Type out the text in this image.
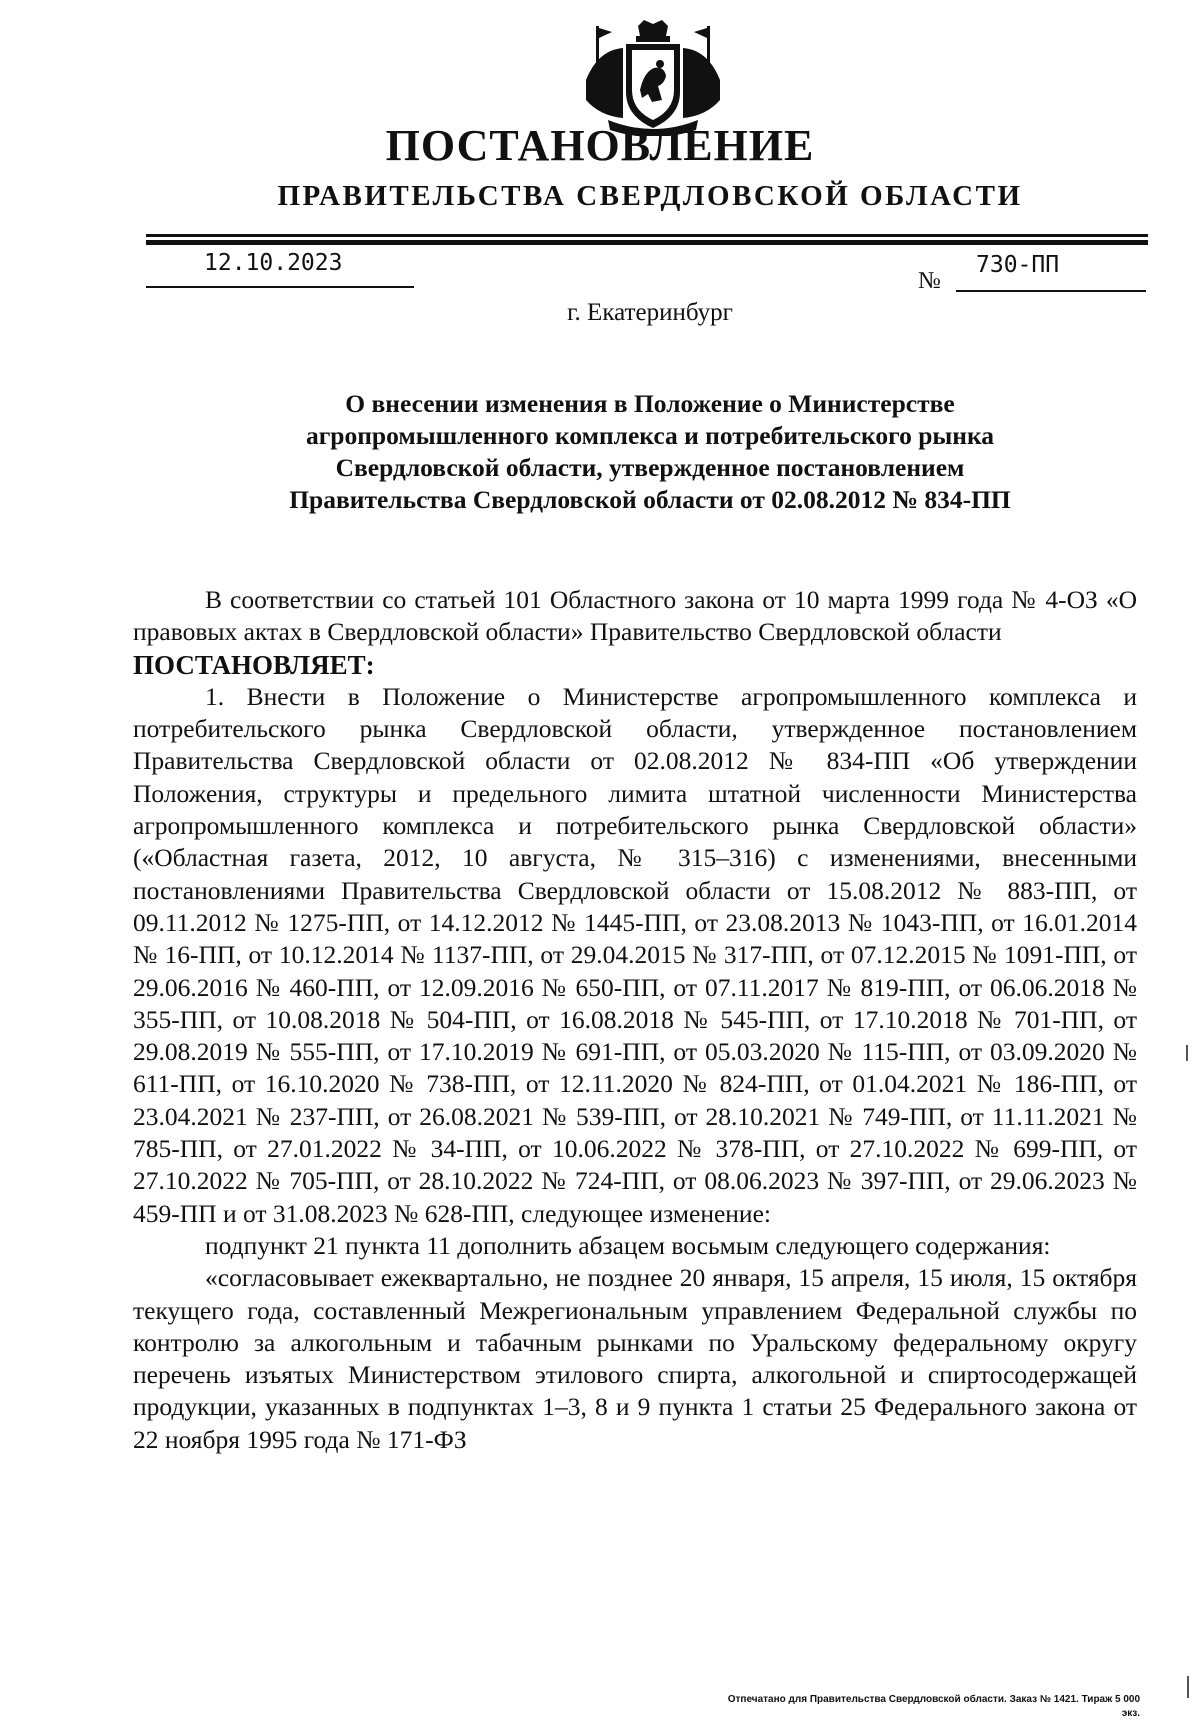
ПОСТАНОВЛЕНИЕ
ПРАВИТЕЛЬСТВА СВЕРДЛОВСКОЙ ОБЛАСТИ
12.10.2023
№
730-ПП
г. Екатеринбург
О внесении изменения в Положение о Министерстве
агропромышленного комплекса и потребительского рынка
Свердловской области, утвержденное постановлением
Правительства Свердловской области от 02.08.2012 № 834-ПП

В соответствии со статьей 101 Областного закона от 10 марта 1999 года № 4-ОЗ «О правовых актах в Свердловской области» Правительство Свердловской области

ПОСТАНОВЛЯЕТ:

1. Внести в Положение о Министерстве агропромышленного комплекса и потребительского рынка Свердловской области, утвержденное постановлением Правительства Свердловской области от 02.08.2012 № 834-ПП «Об утверждении Положения, структуры и предельного лимита штатной численности Министерства агропромышленного комплекса и потребительского рынка Свердловской области» («Областная газета, 2012, 10 августа, № 315–316) с изменениями, внесенными постановлениями Правительства Свердловской области от 15.08.2012 № 883-ПП, от 09.11.2012 № 1275-ПП, от 14.12.2012 № 1445-ПП, от 23.08.2013 № 1043-ПП, от 16.01.2014 № 16-ПП, от 10.12.2014 № 1137-ПП, от 29.04.2015 № 317-ПП, от 07.12.2015 № 1091-ПП, от 29.06.2016 № 460-ПП, от 12.09.2016 № 650-ПП, от 07.11.2017 № 819-ПП, от 06.06.2018 № 355-ПП, от 10.08.2018 № 504-ПП, от 16.08.2018 № 545-ПП, от 17.10.2018 № 701-ПП, от 29.08.2019 № 555-ПП, от 17.10.2019 № 691-ПП, от 05.03.2020 № 115-ПП, от 03.09.2020 № 611-ПП, от 16.10.2020 № 738-ПП, от 12.11.2020 № 824-ПП, от 01.04.2021 № 186-ПП, от 23.04.2021 № 237-ПП, от 26.08.2021 № 539-ПП, от 28.10.2021 № 749-ПП, от 11.11.2021 № 785-ПП, от 27.01.2022 № 34-ПП, от 10.06.2022 № 378-ПП, от 27.10.2022 № 699-ПП, от 27.10.2022 № 705-ПП, от 28.10.2022 № 724-ПП, от 08.06.2023 № 397-ПП, от 29.06.2023 № 459-ПП и от 31.08.2023 № 628-ПП, следующее изменение:

подпункт 21 пункта 11 дополнить абзацем восьмым следующего содержания:

«согласовывает ежеквартально, не позднее 20 января, 15 апреля, 15 июля, 15 октября текущего года, составленный Межрегиональным управлением Федеральной службы по контролю за алкогольным и табачным рынками по Уральскому федеральному округу перечень изъятых Министерством этилового спирта, алкогольной и спиртосодержащей продукции, указанных в подпунктах 1–3, 8 и 9 пункта 1 статьи 25 Федерального закона от 22 ноября 1995 года № 171-ФЗ

Отпечатано для Правительства Свердловской области. Заказ № 1421. Тираж 5 000 экз.
